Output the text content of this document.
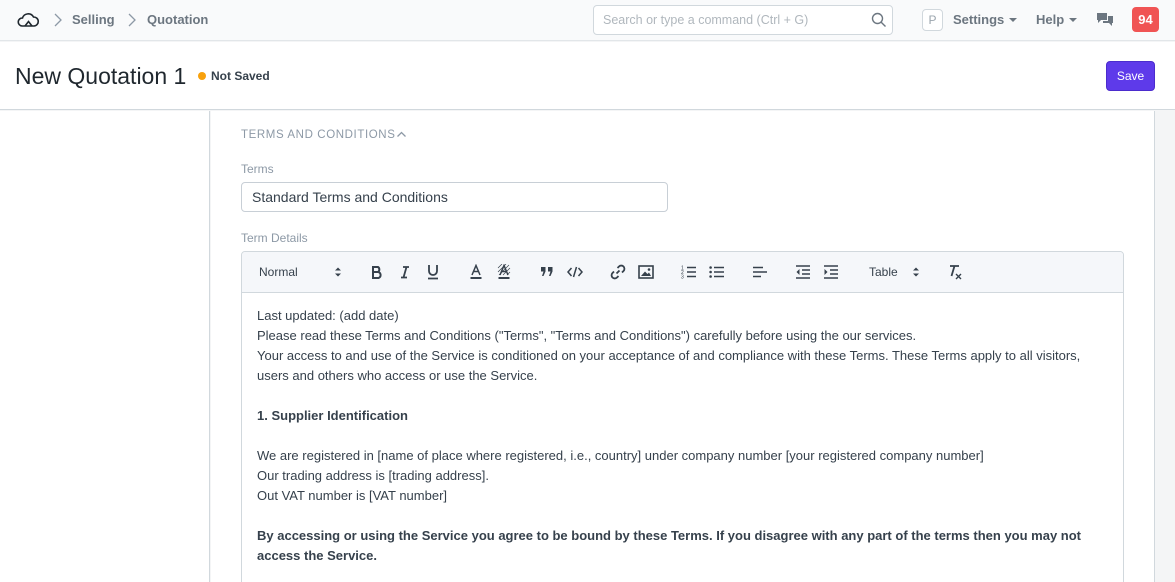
Selling Quotation
Search or type a command (Ctrl + G)	P	Settings	Help	94
New Quotation 1 Not Saved	Save
TERMS AND CONDITIONS
Terms
Standard Terms and Conditions
Term Details
Normal	1
2
3	Table

Last updated: (add date)

Please read these Terms and Conditions ("Terms", "Terms and Conditions") carefully before using the our services.

Your access to and use of the Service is conditioned on your acceptance of and compliance with these Terms. These Terms apply to all visitors, users and others who access or use the Service.

1. Supplier Identification

We are registered in [name of place where registered, i.e., country] under company number [your registered company number]

Our trading address is [trading address].

Out VAT number is [VAT number]

By accessing or using the Service you agree to be bound by these Terms. If you disagree with any part of the terms then you may not access the Service.
